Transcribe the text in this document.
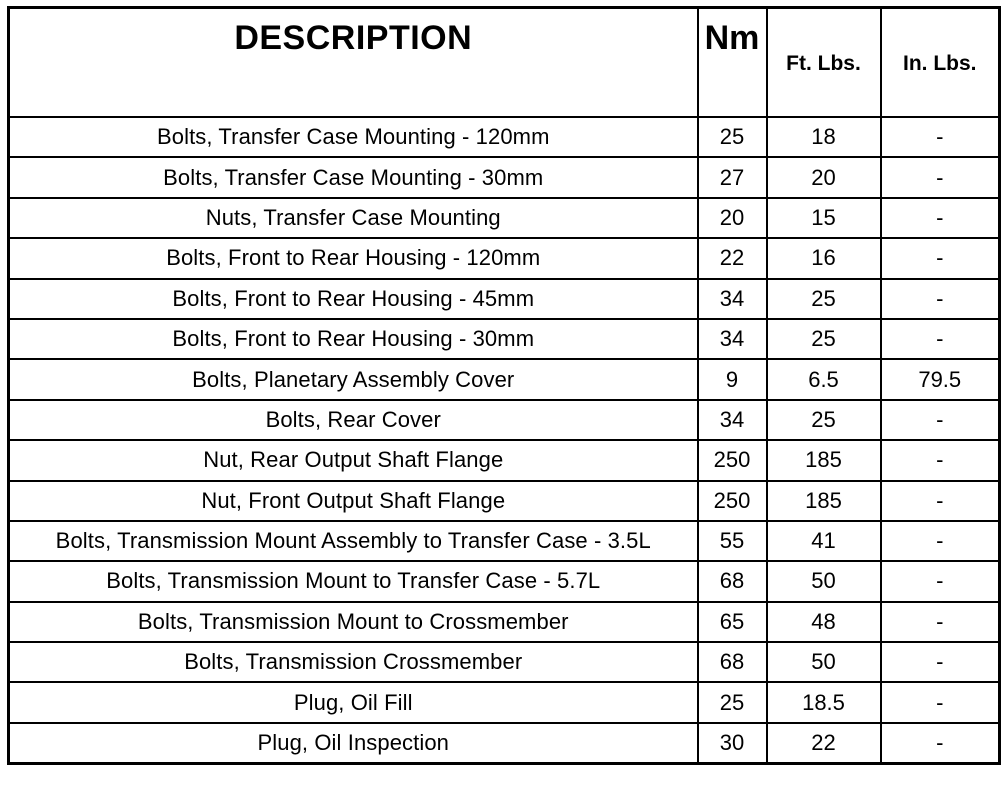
DESCRIPTION	Nm	Ft. Lbs.	In. Lbs.
Bolts, Transfer Case Mounting - 120mm	25	18	-
Bolts, Transfer Case Mounting - 30mm	27	20	-
Nuts, Transfer Case Mounting	20	15	-
Bolts, Front to Rear Housing - 120mm	22	16	-
Bolts, Front to Rear Housing - 45mm	34	25	-
Bolts, Front to Rear Housing - 30mm	34	25	-
Bolts, Planetary Assembly Cover	9	6.5	79.5
Bolts, Rear Cover	34	25	-
Nut, Rear Output Shaft Flange	250	185	-
Nut, Front Output Shaft Flange	250	185	-
Bolts, Transmission Mount Assembly to Transfer Case - 3.5L	55	41	-
Bolts, Transmission Mount to Transfer Case - 5.7L	68	50	-
Bolts, Transmission Mount to Crossmember	65	48	-
Bolts, Transmission Crossmember	68	50	-
Plug, Oil Fill	25	18.5	-
Plug, Oil Inspection	30	22	-
